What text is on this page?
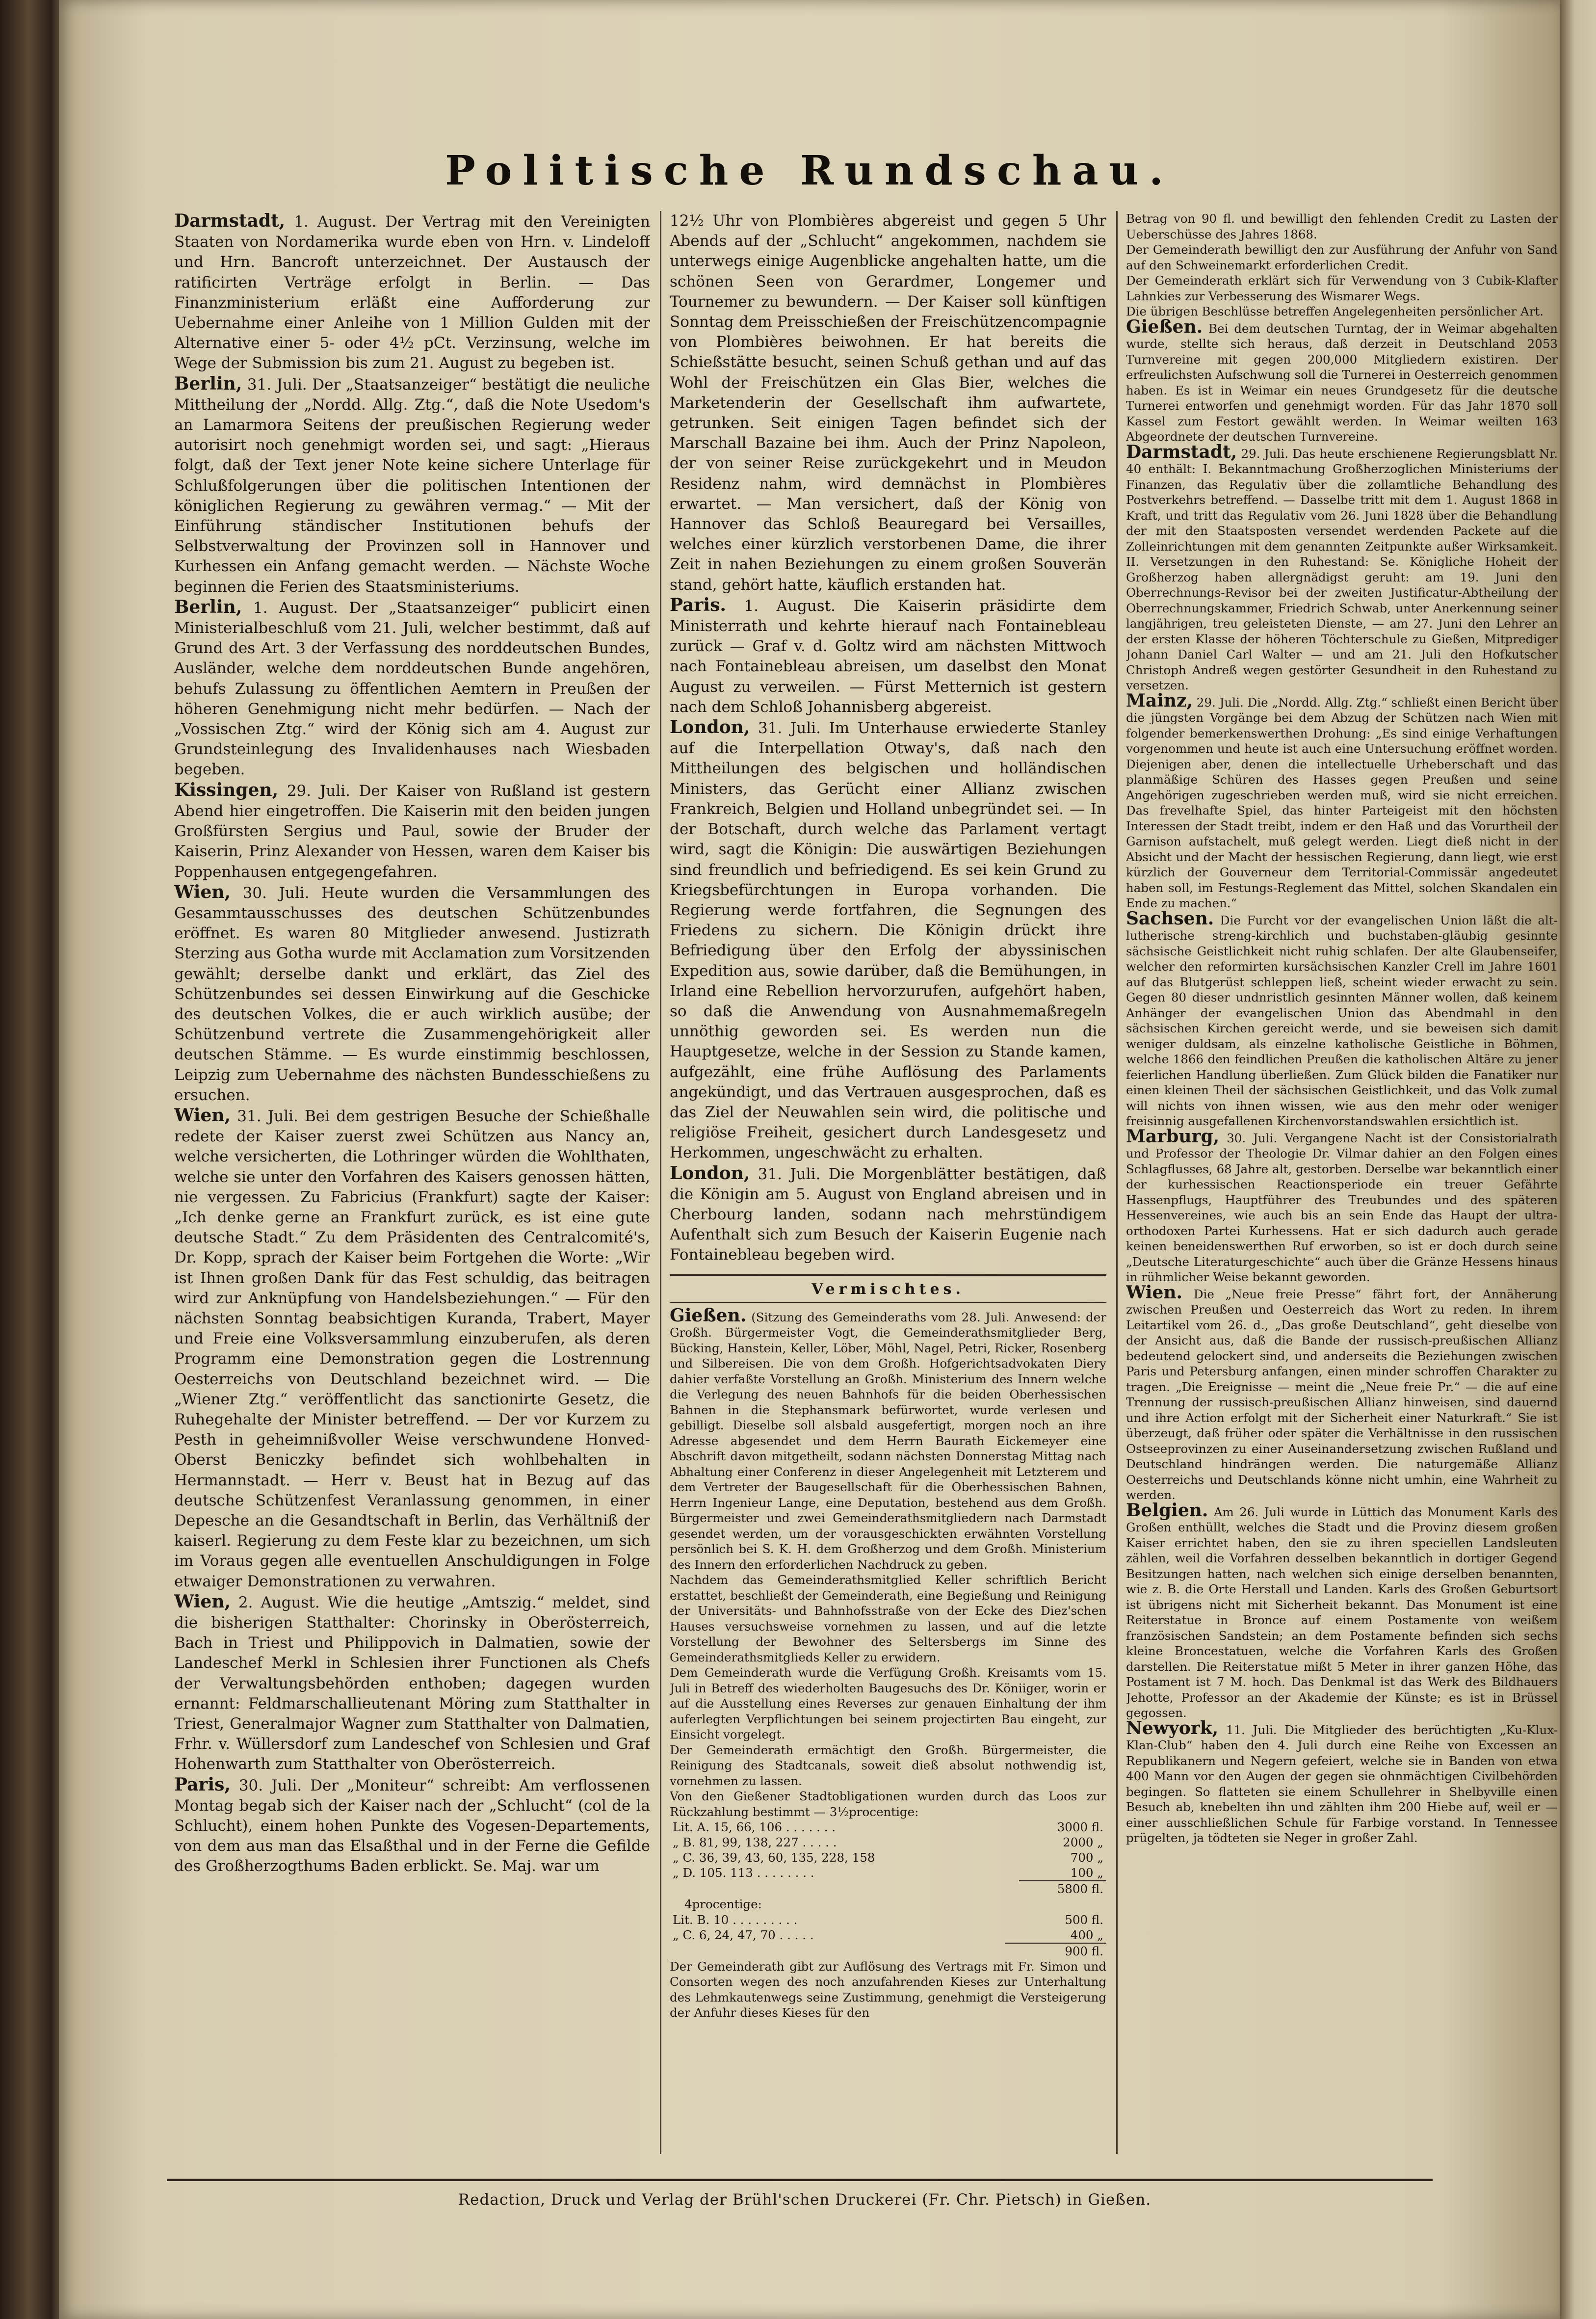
Politische Rundschau.

Darmstadt, 1. August. Der Vertrag mit den Vereinigten Staaten von Nordamerika wurde eben von Hrn. v. Lindeloff und Hrn. Bancroft unterzeichnet. Der Austausch der ratificirten Verträge erfolgt in Berlin. — Das Finanzministerium erläßt eine Aufforderung zur Uebernahme einer Anleihe von 1 Million Gulden mit der Alternative einer 5- oder 4½ pCt. Verzinsung, welche im Wege der Submission bis zum 21. August zu begeben ist.

Berlin, 31. Juli. Der „Staatsanzeiger“ bestätigt die neuliche Mittheilung der „Nordd. Allg. Ztg.“, daß die Note Usedom's an Lamarmora Seitens der preußischen Regierung weder autorisirt noch genehmigt worden sei, und sagt: „Hieraus folgt, daß der Text jener Note keine sichere Unterlage für Schlußfolgerungen über die politischen Intentionen der königlichen Regierung zu gewähren vermag.“ — Mit der Einführung ständischer Institutionen behufs der Selbstverwaltung der Provinzen soll in Hannover und Kurhessen ein Anfang gemacht werden. — Nächste Woche beginnen die Ferien des Staatsministeriums.

Berlin, 1. August. Der „Staatsanzeiger“ publicirt einen Ministerialbeschluß vom 21. Juli, welcher bestimmt, daß auf Grund des Art. 3 der Verfassung des norddeutschen Bundes, Ausländer, welche dem norddeutschen Bunde angehören, behufs Zulassung zu öffentlichen Aemtern in Preußen der höheren Genehmigung nicht mehr bedürfen. — Nach der „Vossischen Ztg.“ wird der König sich am 4. August zur Grundsteinlegung des Invalidenhauses nach Wiesbaden begeben.

Kissingen, 29. Juli. Der Kaiser von Rußland ist gestern Abend hier eingetroffen. Die Kaiserin mit den beiden jungen Großfürsten Sergius und Paul, sowie der Bruder der Kaiserin, Prinz Alexander von Hessen, waren dem Kaiser bis Poppenhausen entgegengefahren.

Wien, 30. Juli. Heute wurden die Versammlungen des Gesammtausschusses des deutschen Schützenbundes eröffnet. Es waren 80 Mitglieder anwesend. Justizrath Sterzing aus Gotha wurde mit Acclamation zum Vorsitzenden gewählt; derselbe dankt und erklärt, das Ziel des Schützenbundes sei dessen Einwirkung auf die Geschicke des deutschen Volkes, die er auch wirklich ausübe; der Schützenbund vertrete die Zusammengehörigkeit aller deutschen Stämme. — Es wurde einstimmig beschlossen, Leipzig zum Uebernahme des nächsten Bundesschießens zu ersuchen.

Wien, 31. Juli. Bei dem gestrigen Besuche der Schießhalle redete der Kaiser zuerst zwei Schützen aus Nancy an, welche versicherten, die Lothringer würden die Wohlthaten, welche sie unter den Vorfahren des Kaisers genossen hätten, nie vergessen. Zu Fabricius (Frankfurt) sagte der Kaiser: „Ich denke gerne an Frankfurt zurück, es ist eine gute deutsche Stadt.“ Zu dem Präsidenten des Centralcomité's, Dr. Kopp, sprach der Kaiser beim Fortgehen die Worte: „Wir ist Ihnen großen Dank für das Fest schuldig, das beitragen wird zur Anknüpfung von Handelsbeziehungen.“ — Für den nächsten Sonntag beabsichtigen Kuranda, Trabert, Mayer und Freie eine Volksversammlung einzuberufen, als deren Programm eine Demonstration gegen die Lostrennung Oesterreichs von Deutschland bezeichnet wird. — Die „Wiener Ztg.“ veröffentlicht das sanctionirte Gesetz, die Ruhegehalte der Minister betreffend. — Der vor Kurzem zu Pesth in geheimnißvoller Weise verschwundene Honved-Oberst Beniczky befindet sich wohlbehalten in Hermannstadt. — Herr v. Beust hat in Bezug auf das deutsche Schützenfest Veranlassung genommen, in einer Depesche an die Gesandtschaft in Berlin, das Verhältniß der kaiserl. Regierung zu dem Feste klar zu bezeichnen, um sich im Voraus gegen alle eventuellen Anschuldigungen in Folge etwaiger Demonstrationen zu verwahren.

Wien, 2. August. Wie die heutige „Amtszig.“ meldet, sind die bisherigen Statthalter: Chorinsky in Oberösterreich, Bach in Triest und Philippovich in Dalmatien, sowie der Landeschef Merkl in Schlesien ihrer Functionen als Chefs der Verwaltungsbehörden enthoben; dagegen wurden ernannt: Feldmarschallieutenant Möring zum Statthalter in Triest, Generalmajor Wagner zum Statthalter von Dalmatien, Frhr. v. Wüllersdorf zum Landeschef von Schlesien und Graf Hohenwarth zum Statthalter von Oberösterreich.

Paris, 30. Juli. Der „Moniteur“ schreibt: Am verflossenen Montag begab sich der Kaiser nach der „Schlucht“ (col de la Schlucht), einem hohen Punkte des Vogesen-Departements, von dem aus man das Elsaßthal und in der Ferne die Gefilde des Großherzogthums Baden erblickt. Se. Maj. war um

12½ Uhr von Plombières abgereist und gegen 5 Uhr Abends auf der „Schlucht“ angekommen, nachdem sie unterwegs einige Augenblicke angehalten hatte, um die schönen Seen von Gerardmer, Longemer und Tournemer zu bewundern. — Der Kaiser soll künftigen Sonntag dem Preisschießen der Freischützencompagnie von Plombières beiwohnen. Er hat bereits die Schießstätte besucht, seinen Schuß gethan und auf das Wohl der Freischützen ein Glas Bier, welches die Marketenderin der Gesellschaft ihm aufwartete, getrunken. Seit einigen Tagen befindet sich der Marschall Bazaine bei ihm. Auch der Prinz Napoleon, der von seiner Reise zurückgekehrt und in Meudon Residenz nahm, wird demnächst in Plombières erwartet. — Man versichert, daß der König von Hannover das Schloß Beauregard bei Versailles, welches einer kürzlich verstorbenen Dame, die ihrer Zeit in nahen Beziehungen zu einem großen Souverän stand, gehört hatte, käuflich erstanden hat.

Paris. 1. August. Die Kaiserin präsidirte dem Ministerrath und kehrte hierauf nach Fontainebleau zurück — Graf v. d. Goltz wird am nächsten Mittwoch nach Fontainebleau abreisen, um daselbst den Monat August zu verweilen. — Fürst Metternich ist gestern nach dem Schloß Johannisberg abgereist.

London, 31. Juli. Im Unterhause erwiederte Stanley auf die Interpellation Otway's, daß nach den Mittheilungen des belgischen und holländischen Ministers, das Gerücht einer Allianz zwischen Frankreich, Belgien und Holland unbegründet sei. — In der Botschaft, durch welche das Parlament vertagt wird, sagt die Königin: Die auswärtigen Beziehungen sind freundlich und befriedigend. Es sei kein Grund zu Kriegsbefürchtungen in Europa vorhanden. Die Regierung werde fortfahren, die Segnungen des Friedens zu sichern. Die Königin drückt ihre Befriedigung über den Erfolg der abyssinischen Expedition aus, sowie darüber, daß die Bemühungen, in Irland eine Rebellion hervorzurufen, aufgehört haben, so daß die Anwendung von Ausnahmemaßregeln unnöthig geworden sei. Es werden nun die Hauptgesetze, welche in der Session zu Stande kamen, aufgezählt, eine frühe Auflösung des Parlaments angekündigt, und das Vertrauen ausgesprochen, daß es das Ziel der Neuwahlen sein wird, die politische und religiöse Freiheit, gesichert durch Landesgesetz und Herkommen, ungeschwächt zu erhalten.

London, 31. Juli. Die Morgenblätter bestätigen, daß die Königin am 5. August von England abreisen und in Cherbourg landen, sodann nach mehrstündigem Aufenthalt sich zum Besuch der Kaiserin Eugenie nach Fontainebleau begeben wird.

Vermischtes.

Gießen. (Sitzung des Gemeinderaths vom 28. Juli. Anwesend: der Großh. Bürgermeister Vogt, die Gemeinderathsmitglieder Berg, Bücking, Hanstein, Keller, Löber, Möhl, Nagel, Petri, Ricker, Rosenberg und Silbereisen. Die von dem Großh. Hofgerichtsadvokaten Diery dahier verfaßte Vorstellung an Großh. Ministerium des Innern welche die Verlegung des neuen Bahnhofs für die beiden Oberhessischen Bahnen in die Stephansmark befürwortet, wurde verlesen und gebilligt. Dieselbe soll alsbald ausgefertigt, morgen noch an ihre Adresse abgesendet und dem Herrn Baurath Eickemeyer eine Abschrift davon mitgetheilt, sodann nächsten Donnerstag Mittag nach Abhaltung einer Conferenz in dieser Angelegenheit mit Letzterem und dem Vertreter der Baugesellschaft für die Oberhessischen Bahnen, Herrn Ingenieur Lange, eine Deputation, bestehend aus dem Großh. Bürgermeister und zwei Gemeinderathsmitgliedern nach Darmstadt gesendet werden, um der vorausgeschickten erwähnten Vorstellung persönlich bei S. K. H. dem Großherzog und dem Großh. Ministerium des Innern den erforderlichen Nachdruck zu geben.

Nachdem das Gemeinderathsmitglied Keller schriftlich Bericht erstattet, beschließt der Gemeinderath, eine Begießung und Reinigung der Universitäts- und Bahnhofsstraße von der Ecke des Diez'schen Hauses versuchsweise vornehmen zu lassen, und auf die letzte Vorstellung der Bewohner des Seltersbergs im Sinne des Gemeinderathsmitglieds Keller zu erwidern.

Dem Gemeinderath wurde die Verfügung Großh. Kreisamts vom 15. Juli in Betreff des wiederholten Baugesuchs des Dr. Köniiger, worin er auf die Ausstellung eines Reverses zur genauen Einhaltung der ihm auferlegten Verpflichtungen bei seinem projectirten Bau eingeht, zur Einsicht vorgelegt.

Der Gemeinderath ermächtigt den Großh. Bürgermeister, die Reinigung des Stadtcanals, soweit dieß absolut nothwendig ist, vornehmen zu lassen.

Von den Gießener Stadtobligationen wurden durch das Loos zur Rückzahlung bestimmt — 3½procentige:

Lit. A. 15, 66, 106 . . . . . . .	3000 fl.
„ B. 81, 99, 138, 227 . . . . .	2000 „
„ C. 36, 39, 43, 60, 135, 228, 158	700 „
„ D. 105. 113 . . . . . . . .	100 „
	5800 fl.
4procentige:
Lit. B. 10 . . . . . . . . .	500 fl.
„ C. 6, 24, 47, 70 . . . . .	400 „
	900 fl.

Der Gemeinderath gibt zur Auflösung des Vertrags mit Fr. Simon und Consorten wegen des noch anzufahrenden Kieses zur Unterhaltung des Lehmkautenwegs seine Zustimmung, genehmigt die Versteigerung der Anfuhr dieses Kieses für den

Betrag von 90 fl. und bewilligt den fehlenden Credit zu Lasten der Ueberschüsse des Jahres 1868.

Der Gemeinderath bewilligt den zur Ausführung der Anfuhr von Sand auf den Schweinemarkt erforderlichen Credit.

Der Gemeinderath erklärt sich für Verwendung von 3 Cubik-Klafter Lahnkies zur Verbesserung des Wismarer Wegs.

Die übrigen Beschlüsse betreffen Angelegenheiten persönlicher Art.

Gießen. Bei dem deutschen Turntag, der in Weimar abgehalten wurde, stellte sich heraus, daß derzeit in Deutschland 2053 Turnvereine mit gegen 200,000 Mitgliedern existiren. Der erfreulichsten Aufschwung soll die Turnerei in Oesterreich genommen haben. Es ist in Weimar ein neues Grundgesetz für die deutsche Turnerei entworfen und genehmigt worden. Für das Jahr 1870 soll Kassel zum Festort gewählt werden. In Weimar weilten 163 Abgeordnete der deutschen Turnvereine.

Darmstadt, 29. Juli. Das heute erschienene Regierungsblatt Nr. 40 enthält: I. Bekanntmachung Großherzoglichen Ministeriums der Finanzen, das Regulativ über die zollamtliche Behandlung des Postverkehrs betreffend. — Dasselbe tritt mit dem 1. August 1868 in Kraft, und tritt das Regulativ vom 26. Juni 1828 über die Behandlung der mit den Staatsposten versendet werdenden Packete auf die Zolleinrichtungen mit dem genannten Zeitpunkte außer Wirksamkeit. II. Versetzungen in den Ruhestand: Se. Königliche Hoheit der Großherzog haben allergnädigst geruht: am 19. Juni den Oberrechnungs-Revisor bei der zweiten Justificatur-Abtheilung der Oberrechnungskammer, Friedrich Schwab, unter Anerkennung seiner langjährigen, treu geleisteten Dienste, — am 27. Juni den Lehrer an der ersten Klasse der höheren Töchterschule zu Gießen, Mitprediger Johann Daniel Carl Walter — und am 21. Juli den Hofkutscher Christoph Andreß wegen gestörter Gesundheit in den Ruhestand zu versetzen.

Mainz, 29. Juli. Die „Nordd. Allg. Ztg.“ schließt einen Bericht über die jüngsten Vorgänge bei dem Abzug der Schützen nach Wien mit folgender bemerkenswerthen Drohung: „Es sind einige Verhaftungen vorgenommen und heute ist auch eine Untersuchung eröffnet worden. Diejenigen aber, denen die intellectuelle Urheberschaft und das planmäßige Schüren des Hasses gegen Preußen und seine Angehörigen zugeschrieben werden muß, wird sie nicht erreichen. Das frevelhafte Spiel, das hinter Parteigeist mit den höchsten Interessen der Stadt treibt, indem er den Haß und das Vorurtheil der Garnison aufstachelt, muß gelegt werden. Liegt dieß nicht in der Absicht und der Macht der hessischen Regierung, dann liegt, wie erst kürzlich der Gouverneur dem Territorial-Commissär angedeutet haben soll, im Festungs-Reglement das Mittel, solchen Skandalen ein Ende zu machen.“

Sachsen. Die Furcht vor der evangelischen Union läßt die alt-lutherische streng-kirchlich und buchstaben-gläubig gesinnte sächsische Geistlichkeit nicht ruhig schlafen. Der alte Glaubenseifer, welcher den reformirten kursächsischen Kanzler Crell im Jahre 1601 auf das Blutgerüst schleppen ließ, scheint wieder erwacht zu sein. Gegen 80 dieser undnristlich gesinnten Männer wollen, daß keinem Anhänger der evangelischen Union das Abendmahl in den sächsischen Kirchen gereicht werde, und sie beweisen sich damit weniger duldsam, als einzelne katholische Geistliche in Böhmen, welche 1866 den feindlichen Preußen die katholischen Altäre zu jener feierlichen Handlung überließen. Zum Glück bilden die Fanatiker nur einen kleinen Theil der sächsischen Geistlichkeit, und das Volk zumal will nichts von ihnen wissen, wie aus den mehr oder weniger freisinnig ausgefallenen Kirchenvorstandswahlen ersichtlich ist.

Marburg, 30. Juli. Vergangene Nacht ist der Consistorialrath und Professor der Theologie Dr. Vilmar dahier an den Folgen eines Schlagflusses, 68 Jahre alt, gestorben. Derselbe war bekanntlich einer der kurhessischen Reactionsperiode ein treuer Gefährte Hassenpflugs, Hauptführer des Treubundes und des späteren Hessenvereines, wie auch bis an sein Ende das Haupt der ultra-orthodoxen Partei Kurhessens. Hat er sich dadurch auch gerade keinen beneidenswerthen Ruf erworben, so ist er doch durch seine „Deutsche Literaturgeschichte“ auch über die Gränze Hessens hinaus in rühmlicher Weise bekannt geworden.

Wien. Die „Neue freie Presse“ fährt fort, der Annäherung zwischen Preußen und Oesterreich das Wort zu reden. In ihrem Leitartikel vom 26. d., „Das große Deutschland“, geht dieselbe von der Ansicht aus, daß die Bande der russisch-preußischen Allianz bedeutend gelockert sind, und anderseits die Beziehungen zwischen Paris und Petersburg anfangen, einen minder schroffen Charakter zu tragen. „Die Ereignisse — meint die „Neue freie Pr.“ — die auf eine Trennung der russisch-preußischen Allianz hinweisen, sind dauernd und ihre Action erfolgt mit der Sicherheit einer Naturkraft.“ Sie ist überzeugt, daß früher oder später die Verhältnisse in den russischen Ostseeprovinzen zu einer Auseinandersetzung zwischen Rußland und Deutschland hindrängen werden. Die naturgemäße Allianz Oesterreichs und Deutschlands könne nicht umhin, eine Wahrheit zu werden.

Belgien. Am 26. Juli wurde in Lüttich das Monument Karls des Großen enthüllt, welches die Stadt und die Provinz diesem großen Kaiser errichtet haben, den sie zu ihren speciellen Landsleuten zählen, weil die Vorfahren desselben bekanntlich in dortiger Gegend Besitzungen hatten, nach welchen sich einige derselben benannten, wie z. B. die Orte Herstall und Landen. Karls des Großen Geburtsort ist übrigens nicht mit Sicherheit bekannt. Das Monument ist eine Reiterstatue in Bronce auf einem Postamente von weißem französischen Sandstein; an dem Postamente befinden sich sechs kleine Broncestatuen, welche die Vorfahren Karls des Großen darstellen. Die Reiterstatue mißt 5 Meter in ihrer ganzen Höhe, das Postament ist 7 M. hoch. Das Denkmal ist das Werk des Bildhauers Jehotte, Professor an der Akademie der Künste; es ist in Brüssel gegossen.

Newyork, 11. Juli. Die Mitglieder des berüchtigten „Ku-Klux-Klan-Club“ haben den 4. Juli durch eine Reihe von Excessen an Republikanern und Negern gefeiert, welche sie in Banden von etwa 400 Mann vor den Augen der gegen sie ohnmächtigen Civilbehörden begingen. So flatteten sie einem Schullehrer in Shelbyville einen Besuch ab, knebelten ihn und zählten ihm 200 Hiebe auf, weil er — einer ausschließlichen Schule für Farbige vorstand. In Tennessee prügelten, ja tödteten sie Neger in großer Zahl.

Redaction, Druck und Verlag der Brühl'schen Druckerei (Fr. Chr. Pietsch) in Gießen.
